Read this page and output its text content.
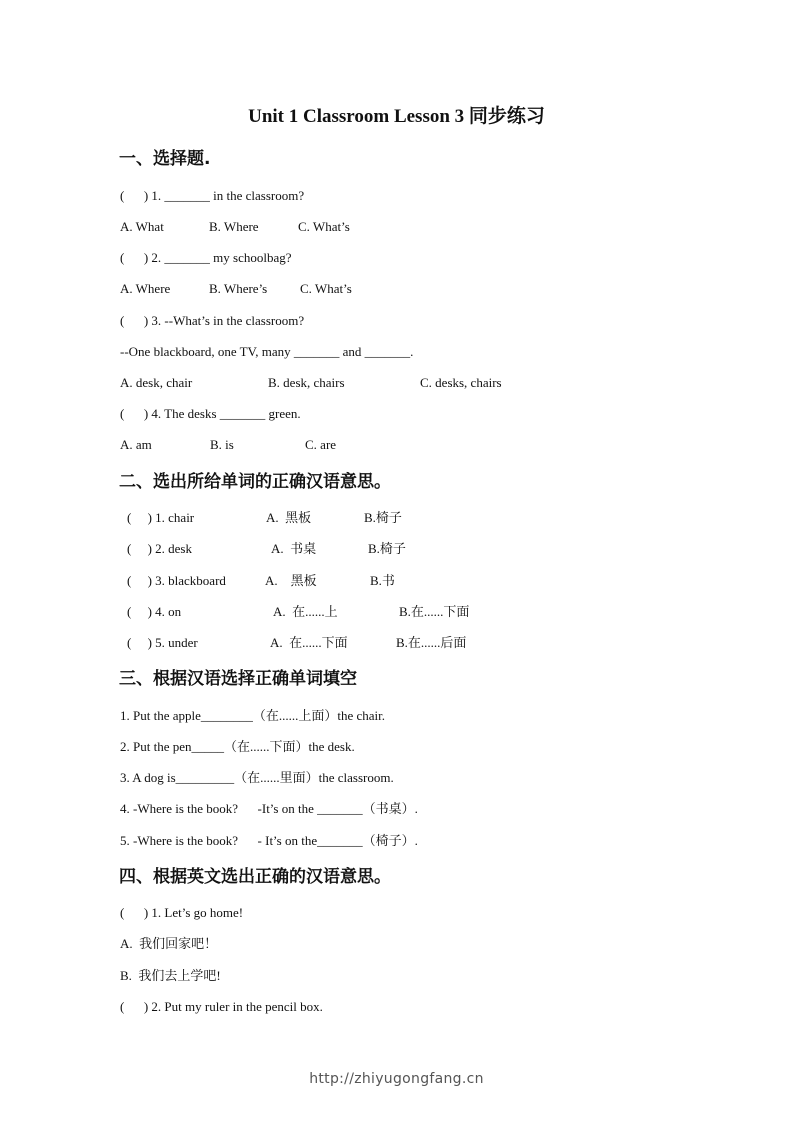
Unit 1 Classroom Lesson 3 同步练习
一、选择题.
(      ) 1. _______ in the classroom?
A. What	B. Where	C. What’s
(      ) 2. _______ my schoolbag?
A. Where	B. Where’s	C. What’s
(      ) 3. --What’s in the classroom?
--One blackboard, one TV, many _______ and _______.
A. desk, chair	B. desk, chairs	C. desks, chairs
(      ) 4. The desks _______ green.
A. am	B. is	C. are
二、选出所给单词的正确汉语意思。
(     ) 1. chair	A.  黑板	B.椅子
(     ) 2. desk	A.  书桌	B.椅子
(     ) 3. blackboard	A.    黑板	B.书
(     ) 4. on	A.  在......上	B.在......下面
(     ) 5. under	A.  在......下面	B.在......后面
三、根据汉语选择正确单词填空
1. Put the apple________（在......上面）the chair.
2. Put the pen_____（在......下面）the desk.
3. A dog is_________（在......里面）the classroom.
4. -Where is the book?      -It’s on the _______（书桌）.
5. -Where is the book?      - It’s on the_______（椅子）.
四、根据英文选出正确的汉语意思。
(      ) 1. Let’s go home!
A.  我们回家吧！
B.  我们去上学吧!
(      ) 2. Put my ruler in the pencil box.
http://zhiyugongfang.cn
